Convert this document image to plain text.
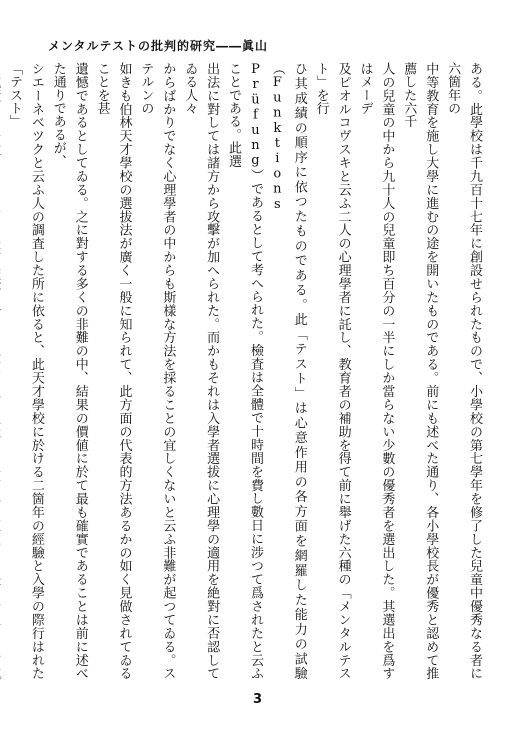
メンタルテストの批判的研究――眞山
ある。此學校は千九百十七年に創設せられたもので、小學校の第七學年を修了した兒童中優秀なる者に六箇年の
中等教育を施し大學に進むの途を開いたものである。前にも述べた通り、各小學校長が優秀と認めて推薦した六千
人の兒童の中から九十人の兒童即ち百分の一半にしか當らない少數の優秀者を選出した。其選出を爲すはメーデ
及ピオルコヴスキと云ふ二人の心理學者に託し、教育者の補助を得て前に舉げた六種の「メンタルテスト」を行
ひ其成績の順序に依つたものである。此「テスト」は心意作用の各方面を網羅した能力の試驗（Funktions
Prüfung）であるとして考へられた。檢査は全體で十時間を費し數日に涉つて爲されたと云ふことである。此選
出法に對しては諸方から攻擊が加へられた。而かもそれは入學者選拔に心理學の適用を絶對に否認してゐる人々
からばかりでなく心理學者の中からも斯樣な方法を採ることの宜しくないと云ふ非難が起つてゐる。ステルンの
如きも伯林天才學校の選拔法が廣く一般に知られて、此方面の代表的方法あるかの如く見做されてゐることを甚
遺憾であるとしてゐる。之に對する多くの非難の中、結果の價値に於て最も確實であることは前に述べた通りであるが、
シエーネベツクと云ふ人の調査した所に依ると、此天才學校に於ける二箇年の經驗と入學の際行はれた「テスト」
3
